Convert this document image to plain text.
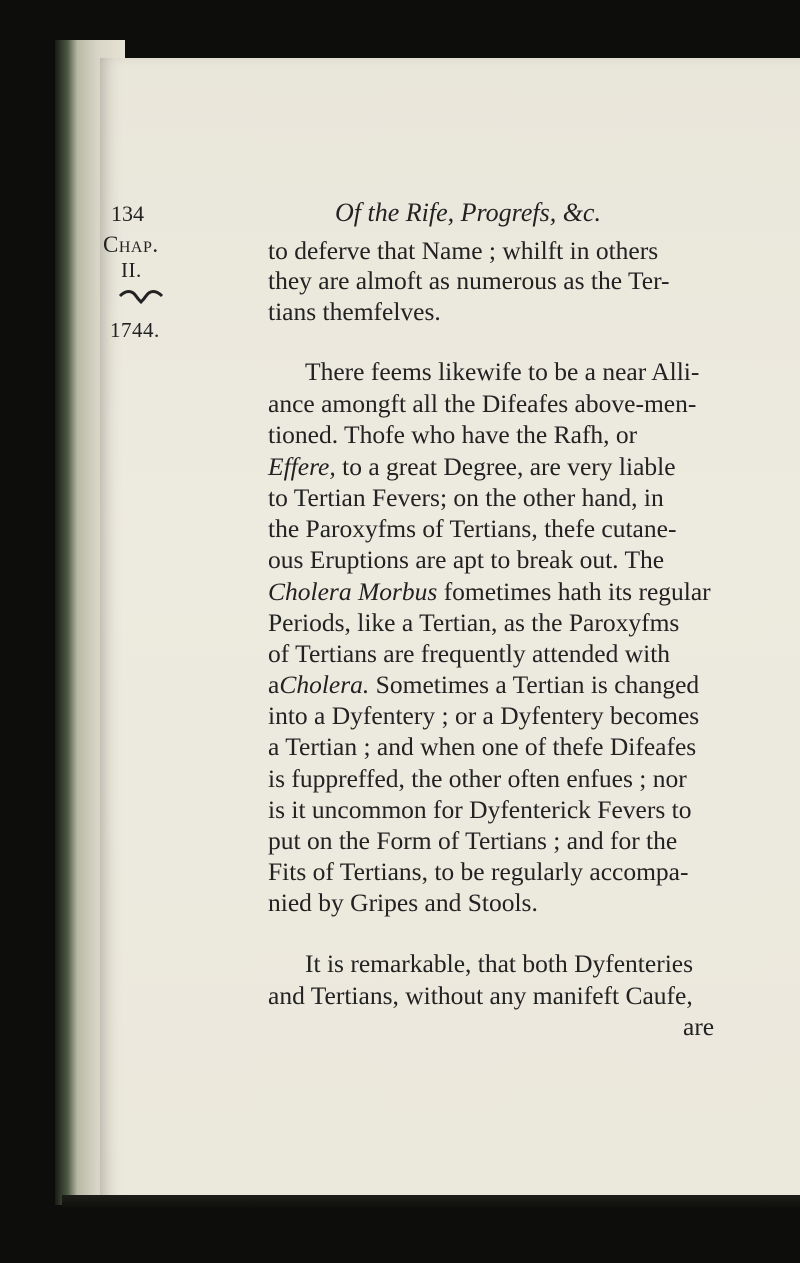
134	Of the Rife, Progrefs, &c.
Chap.
II.
1744.
to deferve that Name ; whilft in others
they are almoft as numerous as the Ter-
tians themfelves.
There feems likewife to be a near Alli-
ance amongft all the Difeafes above-men-
tioned. Thofe who have the Rafh, or
Effere, to a great Degree, are very liable
to Tertian Fevers; on the other hand, in
the Paroxyfms of Tertians, thefe cutane-
ous Eruptions are apt to break out. The
Cholera Morbus fometimes hath its regular
Periods, like a Tertian, as the Paroxyfms
of Tertians are frequently attended with
aCholera. Sometimes a Tertian is changed
into a Dyfentery ; or a Dyfentery becomes
a Tertian ; and when one of thefe Difeafes
is fuppreffed, the other often enfues ; nor
is it uncommon for Dyfenterick Fevers to
put on the Form of Tertians ; and for the
Fits of Tertians, to be regularly accompa-
nied by Gripes and Stools.
It is remarkable, that both Dyfenteries
and Tertians, without any manifeft Caufe,
are
